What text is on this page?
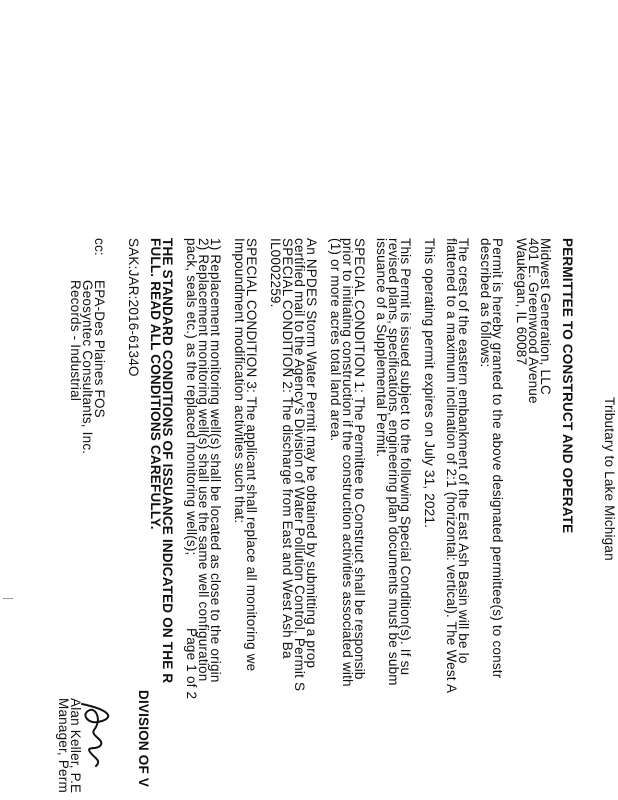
Tributary to Lake Michigan
PERMITTEE TO CONSTRUCT AND OPERATE
Midwest Generation, LLC
401 E. Greenwood Avenue
Waukegan, IL 60087
Permit is hereby granted to the above designated permittee(s) to constr
described as follows:
The crest of the eastern embankment of the East Ash Basin will be lo
flattened to a maximum inclination of 2:1 (horizontal: vertical). The West A
This operating permit expires on July 31, 2021.
This Permit is issued subject to the following Special Condition(s). If su
revised plans, specifications, engineering plan documents must be subm
issuance of a Supplemental Permit.
SPECIAL CONDITION 1: The Permittee to Construct shall be responsib
prior to initiating construction if the construction activities associated with
(1) or more acres total land area.
An NPDES Storm Water Permit may be obtained by submitting a prop
certified mail to the Agency's Division of Water Pollution Control, Permit S
SPECIAL CONDITION 2: The discharge from East and West Ash Ba
IL0002259.
SPECIAL CONDITION 3: The applicant shall replace all monitoring we
Impoundment modification activities such that:
1) Replacement monitoring well(s) shall be located as close to the origin
2) Replacement monitoring well(s) shall use the same well configuration
pack, seals etc.) as the replaced monitoring well(s);
THE STANDARD CONDITIONS OF ISSUANCE INDICATED ON THE R
FULL. READ ALL CONDITIONS CAREFULLY.
SAK:JAR:2016-6134O
cc:
EPA-Des Plaines FOS
Geosyntec Consultants, Inc.
Records - Industrial
Page 1 of 2
DIVISION OF V
Alan Keller, P.E
Manager, Perm
